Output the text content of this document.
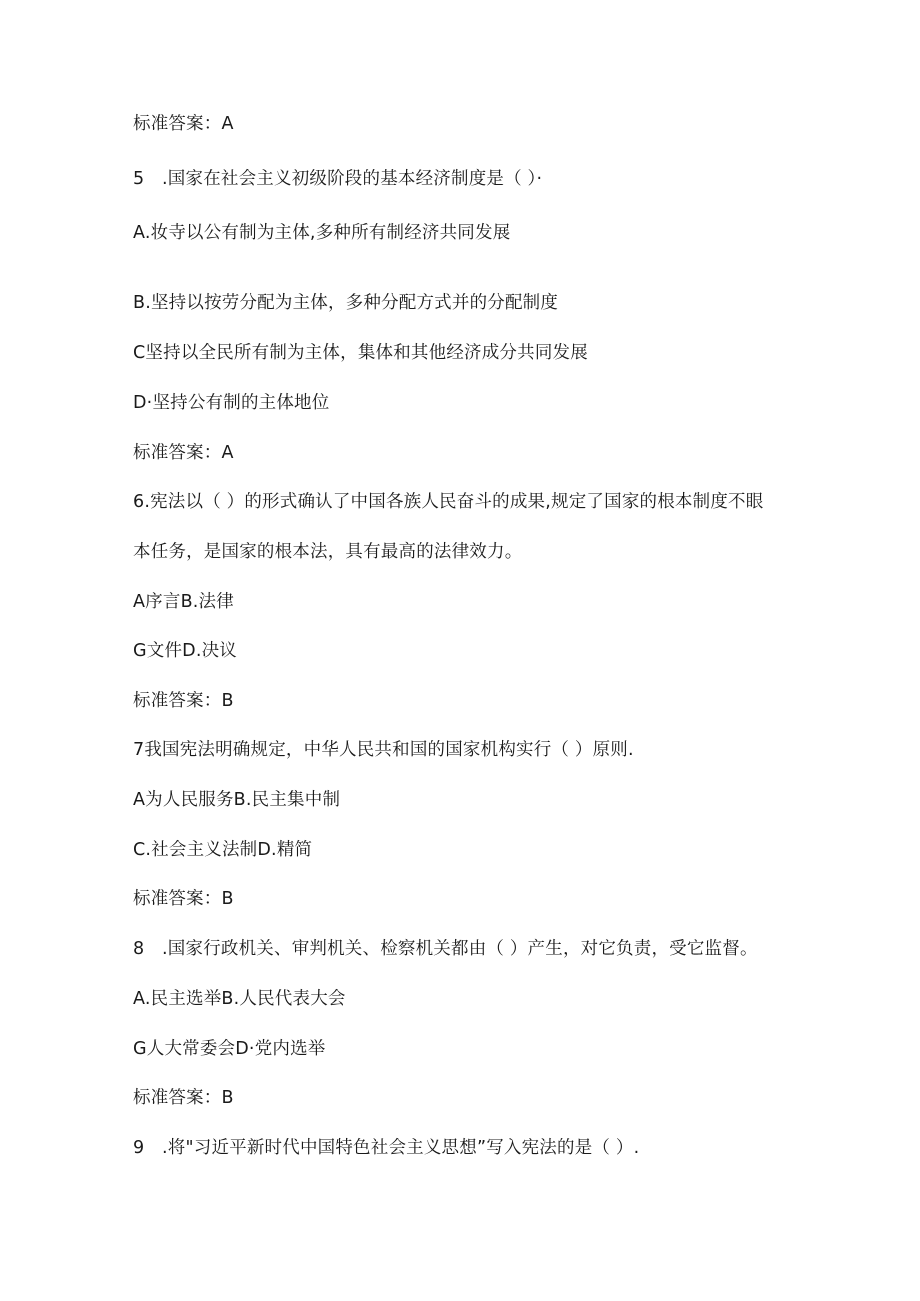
标准答案：A
5　.国家在社会主义初级阶段的基本经济制度是（ ）·
A.妆寺以公有制为主体,多种所有制经济共同发展
B.坚持以按劳分配为主体，多种分配方式并的分配制度
C坚持以全民所有制为主体，集体和其他经济成分共同发展
D·坚持公有制的主体地位
标准答案：A
6.宪法以（ ）的形式确认了中国各族人民奋斗的成果,规定了国家的根本制度不眼
本任务，是国家的根本法，具有最高的法律效力。
A序言B.法律
G文件D.决议
标准答案：B
7我国宪法明确规定，中华人民共和国的国家机构实行（ ）原则.
A为人民服务B.民主集中制
C.社会主义法制D.精简
标准答案：B
8　.国家行政机关、审判机关、检察机关都由（ ）产生，对它负责，受它监督。
A.民主选举B.人民代表大会
G人大常委会D·党内选举
标准答案：B
9　.将"习近平新时代中国特色社会主义思想”写入宪法的是（ ）.
